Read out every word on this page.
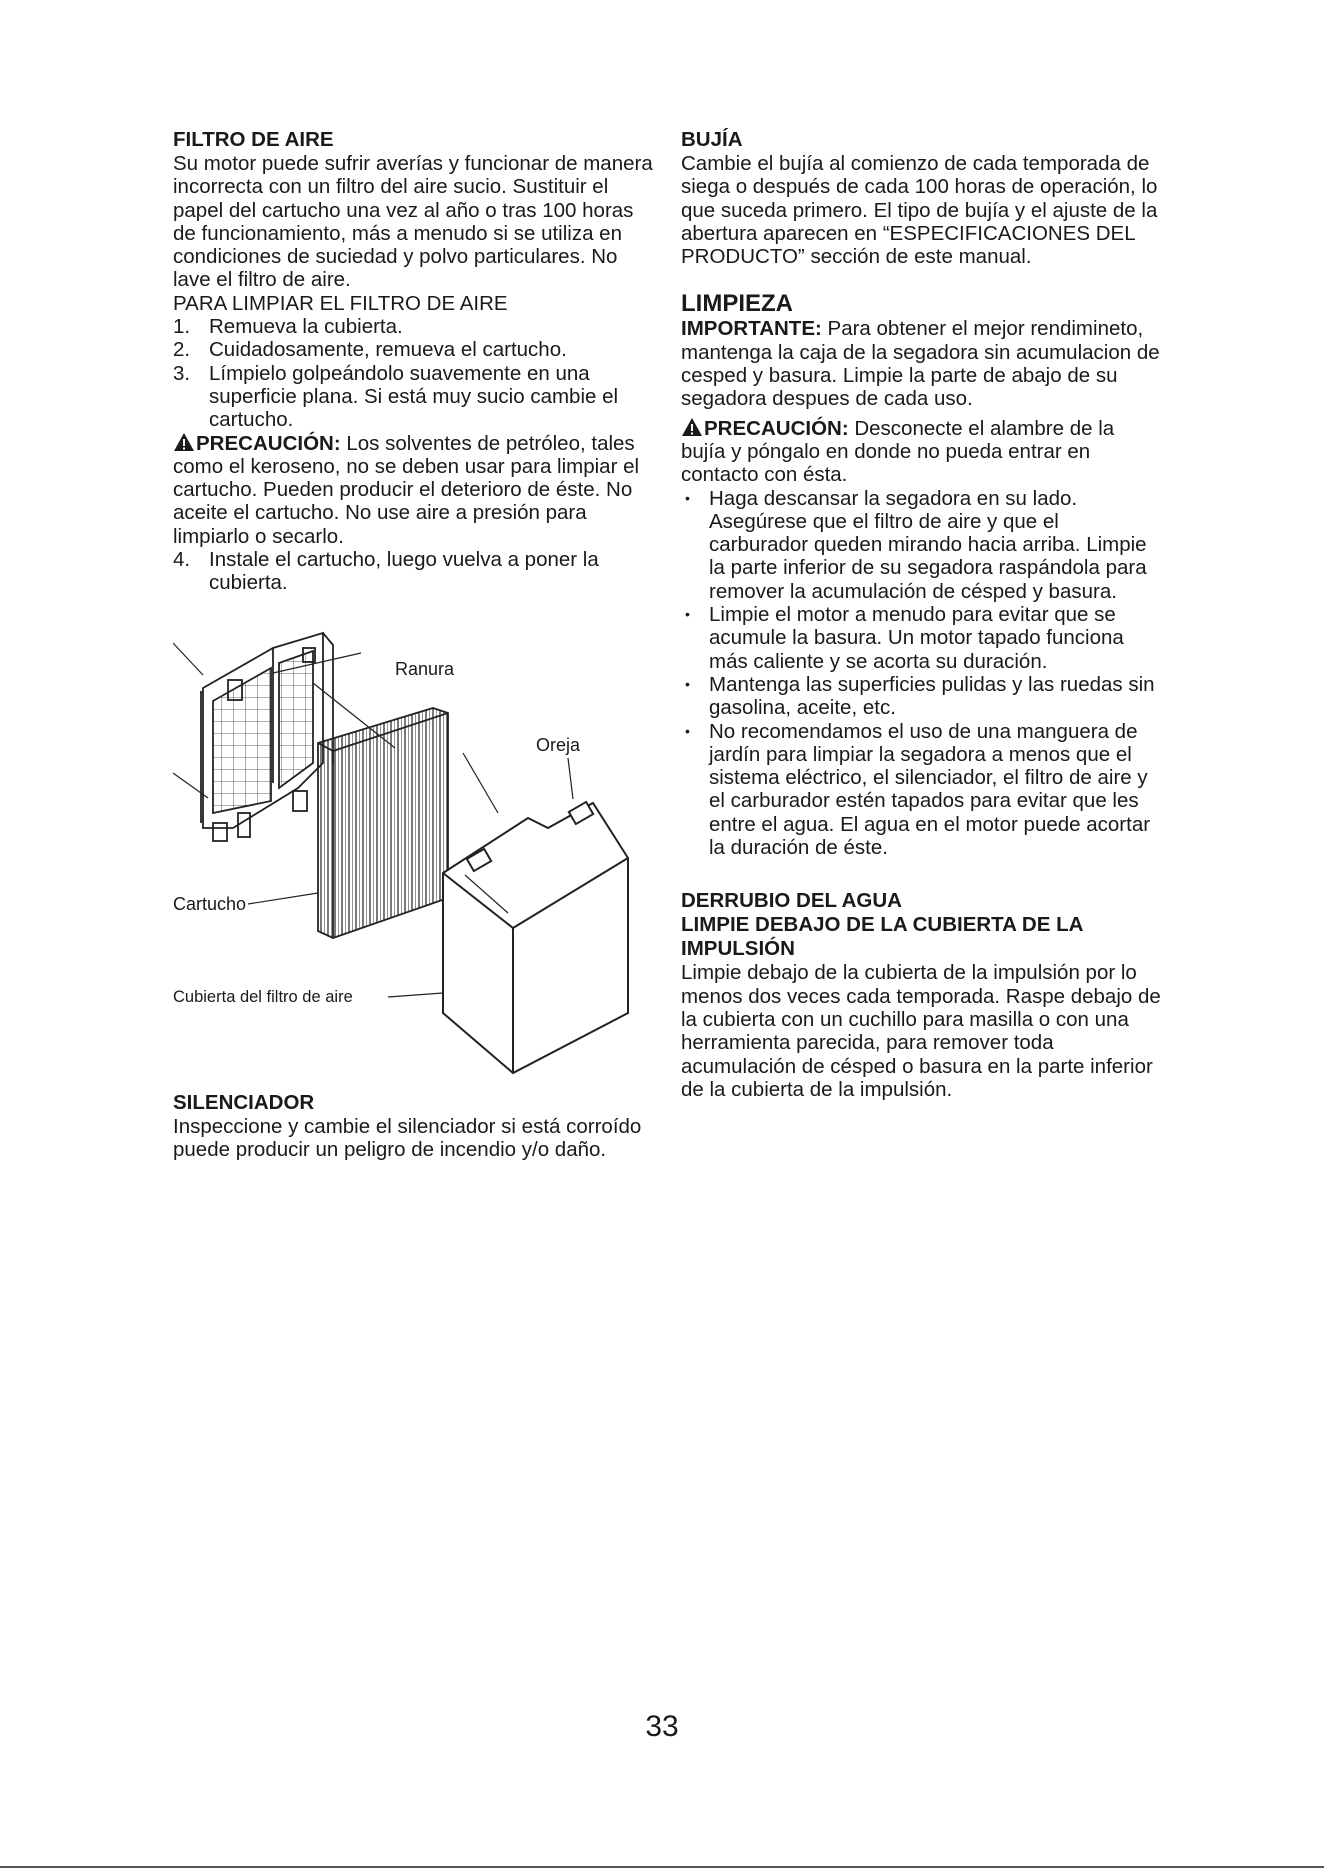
FILTRO DE AIRE

Su motor puede sufrir averías y funcionar de manera incorrecta con un filtro del aire sucio. Sustituir el papel del cartucho una vez al año o tras 100 horas de funcionamiento, más a menudo si se utiliza en condiciones de suciedad y polvo particulares. No lave el filtro de aire.

PARA LIMPIAR EL FILTRO DE AIRE

1. Remueva la cubierta.
2. Cuidadosamente, remueva el cartucho.
3. Límpielo golpeándolo suavemente en una superficie plana. Si está muy sucio cambie el cartucho.

PRECAUCIÓN: Los solventes de petróleo, tales como el keroseno, no se deben usar para limpiar el cartucho. Pueden producir el deterioro de éste. No aceite el cartucho. No use aire a presión para limpiarlo o secarlo.

4. Instale el cartucho, luego vuelva a poner la cubierta.
Ranura
Oreja
Cartucho
Cubierta del filtro de aire

SILENCIADOR

Inspeccione y cambie el silenciador si está corroído puede producir un peligro de incendio y/o daño.

BUJÍA

Cambie el bujía al comienzo de cada temporada de siega o después de cada 100 horas de operación, lo que suceda primero. El tipo de bujía y el ajuste de la abertura aparecen en “ESPECIFICACIONES DEL PRODUCTO” sección de este manual.

LIMPIEZA

IMPORTANTE: Para obtener el mejor rendimineto, mantenga la caja de la segadora sin acumulacion de cesped y basura. Limpie la parte de abajo de su segadora despues de cada uso.

PRECAUCIÓN: Desconecte el alambre de la bujía y póngalo en donde no pueda entrar en contacto con ésta.

• Haga descansar la segadora en su lado. Asegúrese que el filtro de aire y que el carburador queden mirando hacia arriba. Limpie la parte inferior de su segadora raspándola para remover la acumulación de césped y basura.
• Limpie el motor a menudo para evitar que se acumule la basura. Un motor tapado funciona más caliente y se acorta su duración.
• Mantenga las superficies pulidas y las ruedas sin gasolina, aceite, etc.
• No recomendamos el uso de una manguera de jardín para limpiar la segadora a menos que el sistema eléctrico, el silenciador, el filtro de aire y el carburador estén tapados para evitar que les entre el agua. El agua en el motor puede acortar la duración de éste.

DERRUBIO DEL AGUA

LIMPIE DEBAJO DE LA CUBIERTA DE LA IMPULSIÓN

Limpie debajo de la cubierta de la impulsión por lo menos dos veces cada temporada. Raspe debajo de la cubierta con un cuchillo para masilla o con una herramienta parecida, para remover toda acumulación de césped o basura en la parte inferior de la cubierta de la impulsión.

33
